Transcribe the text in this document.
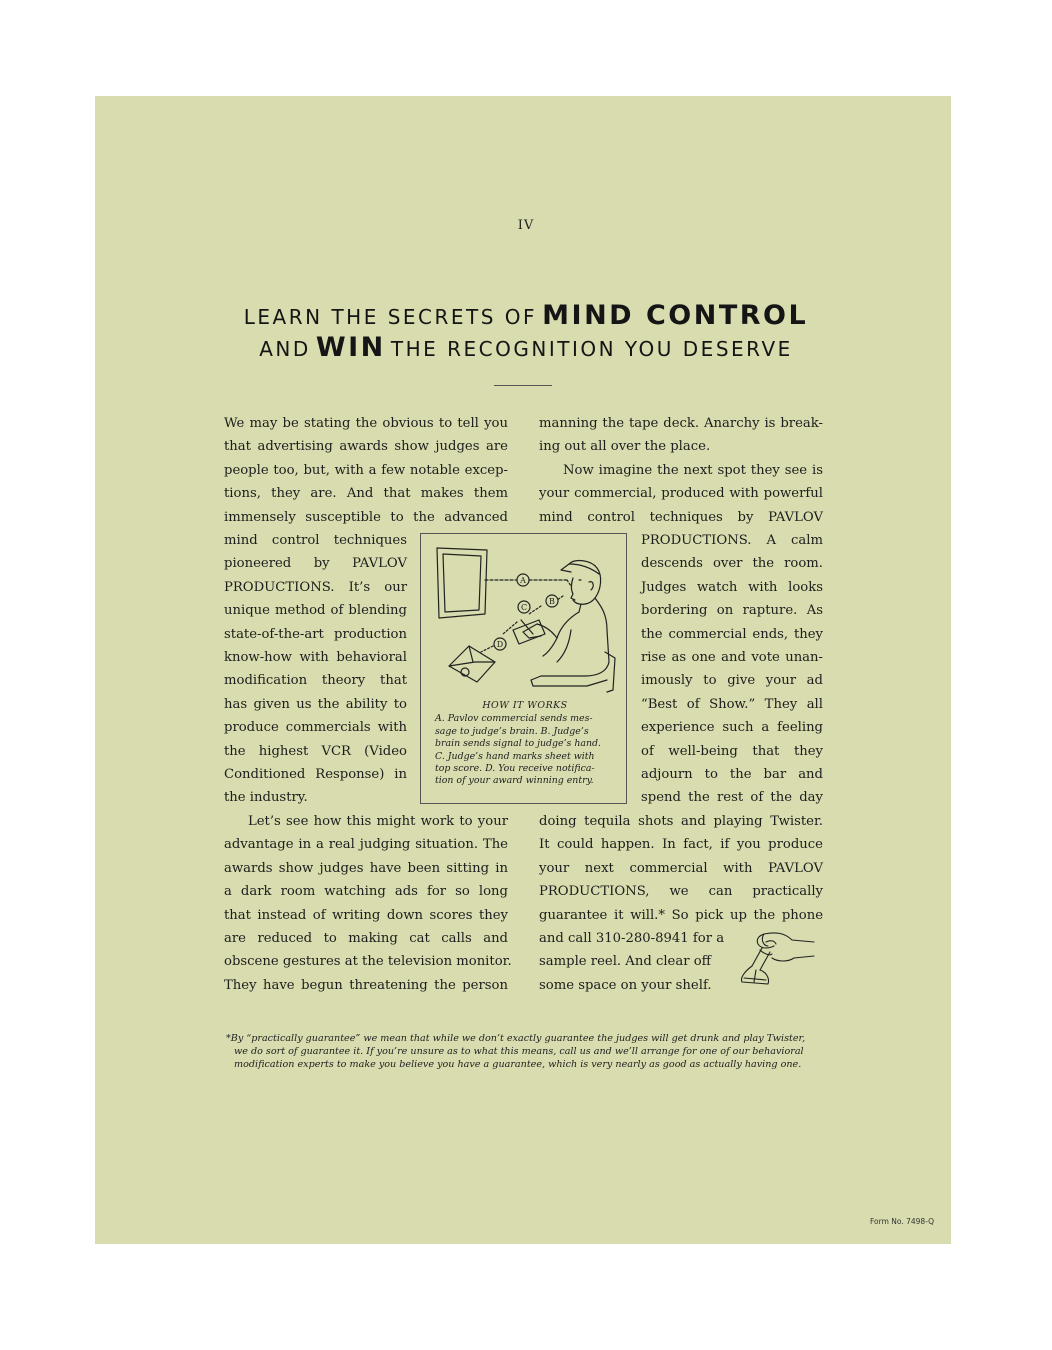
IV
LEARN THE SECRETS OF MIND CONTROL
AND WIN THE RECOGNITION YOU DESERVE
We may be stating the obvious to tell you
that advertising awards show judges are
people too, but, with a few notable excep-
tions, they are. And that makes them
immensely susceptible to the advanced
mind control techniques
pioneered by PAVLOV
PRODUCTIONS. It’s our
unique method of blending
state-of-the-art production
know-how with behavioral
modification theory that
has given us the ability to
produce commercials with
the highest VCR (Video
Conditioned Response) in
the industry.
Let’s see how this might work to your
advantage in a real judging situation. The
awards show judges have been sitting in
a dark room watching ads for so long
that instead of writing down scores they
are reduced to making cat calls and
obscene gestures at the television monitor.
They have begun threatening the person
manning the tape deck. Anarchy is break-
ing out all over the place.
Now imagine the next spot they see is
your commercial, produced with powerful
mind control techniques by PAVLOV
PRODUCTIONS. A calm
descends over the room.
Judges watch with looks
bordering on rapture. As
the commercial ends, they
rise as one and vote unan-
imously to give your ad
“Best of Show.” They all
experience such a feeling
of well-being that they
adjourn to the bar and
spend the rest of the day
doing tequila shots and playing Twister.
It could happen. In fact, if you produce
your next commercial with PAVLOV
PRODUCTIONS, we can practically
guarantee it will.* So pick up the phone
and call 310-280-8941 for a
sample reel. And clear off
some space on your shelf.
A
B
C
D
HOW IT WORKS
A. Pavlov commercial sends mes-
sage to judge’s brain. B. Judge’s
brain sends signal to judge’s hand.
C. Judge’s hand marks sheet with
top score. D. You receive notifica-
tion of your award winning entry.
*By “practically guarantee” we mean that while we don’t exactly guarantee the judges will get drunk and play Twister,
we do sort of guarantee it. If you’re unsure as to what this means, call us and we’ll arrange for one of our behavioral
modification experts to make you believe you have a guarantee, which is very nearly as good as actually having one.
Form No. 7498-Q
